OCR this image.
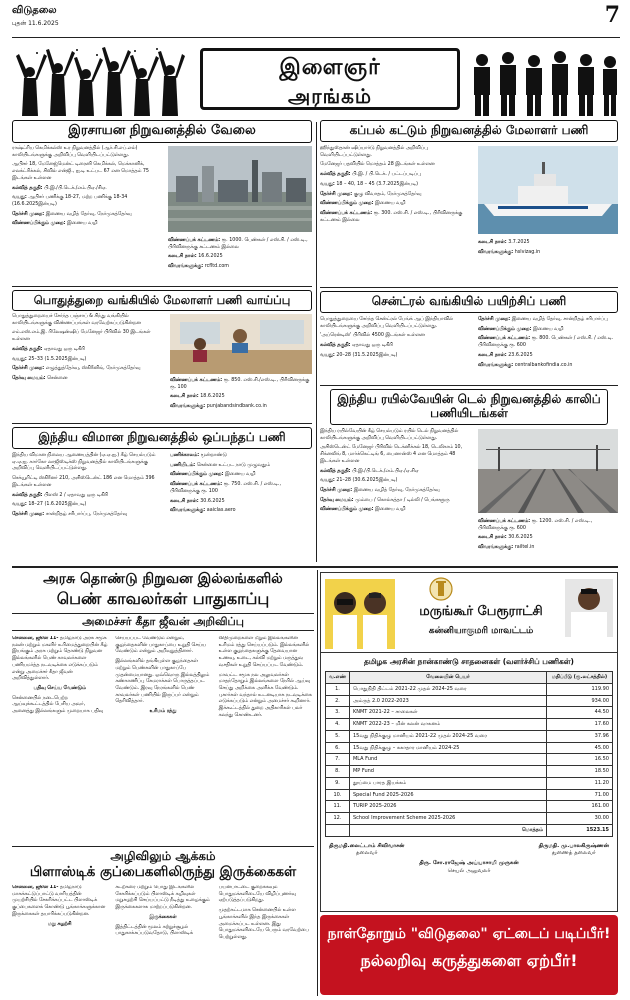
விடுதலை
புதன் 11.6.2025	7
இளைஞர்
அரங்கம்
இரசாயன நிறுவனத்தில் வேலை

ராஷ்ட்ரிய கெமிக்கல்ஸ் உர நிறுவனத்தில் (ஆர்.சி.எப்.எல்) காலியிடங்களுக்கு அறிவிப்பு வெளியிடப்பட்டுள்ளது.

ஆபிசர் 18, மேனேஜ்மென்ட் டிரைனி கெமிக்கல், மெக்கானிக், எலக்ட்ரிக்கல், சிவில் என்ஜி., ஐ.டி உட்பட 67 என மொத்தம் 75 இடங்கள் உள்ளன

கல்வித் தகுதி: பி.இ./பி.டெக்./எம்.பிஏ./சிஏ.

வயது: ஆபிசர் பணிக்கு 18-27, மற்ற பணிக்கு 18-34 (16.6.2025இன்படி)

தேர்ச்சி முறை: இணைய வழித் தேர்வு, நேர்முகத்தேர்வு

விண்ணப்பிக்கும் முறை: இணைய வழி

விண்ணப்பக் கட்டணம்: ரூ. 1000. பெண்கள் / எஸ்.சி. / எஸ்.டி., பிரிவினருக்கு கட்டணம் இல்லை

கடைசி நாள்: 16.6.2025

விவரங்களுக்கு: rcfltd.com

கப்பல் கட்டும் நிறுவனத்தில் மேலாளர் பணி

ஹிந்துஸ்தான் ஷிப்யார்டு நிறுவனத்தில் அறிவிப்பு வெளியிடப்பட்டுள்ளது.

மேனேஜர் பதவியில் மொத்தம் 28 இடங்கள் உள்ளன

கல்வித் தகுதி: பி.இ. / பி.டெக். / பட்டப்படிப்பு

வயது: 18 – 40, 18 – 45 (3.7.2025இன்படி)

தேர்ச்சி முறை: குழு விவாதம், நேர்முகத்தேர்வு

விண்ணப்பிக்கும் முறை: இணைய வழி

விண்ணப்பக் கட்டணம்: ரூ. 300. எஸ்.சி. / எஸ்.டி., பிரிவினருக்கு கட்டணம் இல்லை

கடைசி நாள்: 3.7.2025

விவரங்களுக்கு: hslvizag.in

சென்ட்ரல் வங்கியில் பயிற்சிப் பணி

பொதுத்துறையை சேர்ந்த சென்ட்ரல் பேங்க் ஆப் இந்தியாவில் காலியிடங்களுக்கு அறிவிப்பு வெளியிடப்பட்டுள்ளது.

'அப்ரென்டிஸ்' பிரிவில் 4500 இடங்கள் உள்ளன

கல்வித் தகுதி: ஏதாவது ஒரு டிகிரி

வயது: 20–28 (31.5.2025இன்படி)

தேர்ச்சி முறை: இணைய வழித் தேர்வு, சான்றிதழ் சரிபார்ப்பு

விண்ணப்பிக்கும் முறை: இணைய வழி

விண்ணப்பக் கட்டணம்: ரூ. 800. பெண்கள் / எஸ்.சி. / எஸ்.டி. பிரிவினருக்கு ரூ. 600

கடைசி நாள்: 23.6.2025

விவரங்களுக்கு: centralbankofindia.co.in

பொதுத்துறை வங்கியில் மேலாளர் பணி வாய்ப்பு

பொதுத்துறையைச் சேர்ந்த பஞ்சாப் & சிந்து வங்கியில் காலியிடங்களுக்கு விண்ணப்பங்கள் வரவேற்கப்படுகின்றன

எம்.எஸ்.எம்.இ. ரிலேஷன்ஷிப் மேனேஜர் பிரிவில் 30 இடங்கள் உள்ளன

கல்வித் தகுதி: ஏதாவது ஒரு டிகிரி

வயது: 25–33 (1.5.2025இன்படி)

தேர்ச்சி முறை: எழுத்துத்தேர்வு, ஸ்கிரீனிங், நேர்முகத்தேர்வு

தேர்வு மையம்: சென்னை	விண்ணப்பக் கட்டணம்: ரூ. 850. எஸ்.சி./எஸ்.டி., பிரிவினருக்கு ரூ. 100

கடைசி நாள்: 18.6.2025

விவரங்களுக்கு: punjabandsindbank.co.in

இந்திய ரயில்வேயின் டெல் நிறுவனத்தில் காலிப் பணியிடங்கள்

இந்திய ரயில்வேயின் கீழ் செயல்படும் ரயில் டெல் நிறுவனத்தில் காலியிடங்களுக்கு அறிவிப்பு வெளியிடப்பட்டுள்ளது.

அசிஸ்டென்ட் மேனேஜர் பிரிவில் டெக்னிக்கல் 18, டெலிகாம் 10, சிக்னலிங் 8, மார்க்கெட்டிங் 6, பைனான்ஸ் 4 என மொத்தம் 48 இடங்கள் உள்ளன

கல்வித் தகுதி: பி.இ./பி.டெக்./எம்.பிஏ./ஏ.சிஏ

வயது: 21–28 (30.6.2025இன்படி)

தேர்ச்சி முறை: இணைய வழித் தேர்வு, நேர்முகத்தேர்வு

தேர்வு மையம்: மும்பை / கொல்கத்தா / டில்லி / பெங்களூரு

விண்ணப்பிக்கும் முறை: இணைய வழி

விண்ணப்பக் கட்டணம்: ரூ. 1200. எஸ்.சி. / எஸ்.டி., பிரிவினருக்கு ரூ. 600

கடைசி நாள்: 30.6.2025

விவரங்களுக்கு: railtel.in

இந்திய விமான நிறுவனத்தில் ஒப்பந்தப் பணி

இந்திய விமான நிலைய ஆணையத்தின் (ஏ.ஏ.ஐ.) கீழ் செயல்படும் ஏ.ஏ.ஐ. கார்கோ லாஜிஸ்டிக்ஸ் நிறுவனத்தில் காலியிடங்களுக்கு அறிவிப்பு வெளியிடப்பட்டுள்ளது.

செக்யூரிட்டி ஸ்கிரீனர் 210, அசிஸ்டென்ட் 186 என மொத்தம் 396 இடங்கள் உள்ளன

கல்வித் தகுதி: பிளஸ் 2 / ஏதாவது ஒரு டிகிரி

வயது: 18–27 (1.6.2025இன்படி)

தேர்ச்சி முறை: சான்றிதழ் சரிபார்ப்பு, நேர்முகத்தேர்வு

பணிக்காலம்: மூன்றாண்டு

பணியிடம்: சென்னை உட்பட நாடு முழுவதும்

விண்ணப்பிக்கும் முறை: இணைய வழி

விண்ணப்பக் கட்டணம்: ரூ. 750. எஸ்.சி. / எஸ்.டி., பிரிவினருக்கு ரூ. 100

கடைசி நாள்: 30.6.2025

விவரங்களுக்கு: aaiclas.aero

அரசு தொண்டு நிறுவன இல்லங்களில்
பெண் காவலர்கள் பாதுகாப்பு
அமைச்சர் கீதா ஜீவன் அறிவிப்பு

சென்னை, ஜூன் 11- தமிழ்நாடு அரசு சமூக நலன் மற்றும் மகளிர் உரிமைத்துறையின் கீழ் இயங்கும் அரசு மற்றும் தொண்டு நிறுவன இல்லங்களில் பெண் காவலர்களை பணியமர்த்த நடவடிக்கை எடுக்கப்படும் என்று அமைச்சர் கீதா ஜீவன் அறிவித்துள்ளார்.

பதிவு செய்ய வேண்டும்

சென்னையில் நடைபெற்ற ஆய்வுக்கூட்டத்தில் பேசிய அவர், அனைத்து இல்லங்களும் முறையாக பதிவு செய்யப்பட வேண்டும் என்றும், குழந்தைகளின் பாதுகாப்பை உறுதி செய்ய வேண்டும் என்றும் அறிவுறுத்தினார்.

இல்லங்களில் தங்கியுள்ள குழந்தைகள் மற்றும் பெண்களின் பாதுகாப்பே முதன்மையானது. ஒவ்வொரு இல்லத்திலும் கண்காணிப்பு கேமராக்கள் பொருத்தப்பட வேண்டும். இரவு நேரங்களில் பெண் காவலர்கள் பணியில் இருப்பர் என்றும் தெரிவித்தார்.

உரிமம் ரத்து

விதிமுறைகளை மீறும் இல்லங்களின் உரிமம் ரத்து செய்யப்படும். இல்லங்களில் உள்ள குழந்தைகளுக்கு தேவையான உணவு, உடை, கல்வி மற்றும் மருத்துவ வசதிகள் உறுதி செய்யப்பட வேண்டும்.

மாவட்ட சமூக நல அலுவலர்கள் மாதந்தோறும் இல்லங்களை நேரில் ஆய்வு செய்து அறிக்கை அளிக்க வேண்டும். புகார்கள் வந்தால் உடனடியாக நடவடிக்கை எடுக்கப்படும் என்றும் அமைச்சர் கூறினார். இக்கூட்டத்தில் துறை அதிகாரிகள் பலர் கலந்து கொண்டனர்.

அழிவிலும் ஆக்கம்
பிளாஸ்டிக் குப்பைகளிலிருந்து இருக்கைகள்

சென்னை, ஜூன் 11- தமிழ்நாடு மாசுக்கட்டுப்பாட்டு வாரியத்தின் முயற்சியில் சேகரிக்கப்பட்ட பிளாஸ்டிக் குப்பைகளைக் கொண்டு பூங்காக்களுக்கான இருக்கைகள் தயாரிக்கப்படுகின்றன.

மறு சுழற்சி

கடற்கரை மற்றும் பொது இடங்களில் சேகரிக்கப்படும் பிளாஸ்டிக் கழிவுகள் மறுசுழற்சி செய்யப்பட்டு நீடித்து உழைக்கும் இருக்கைகளாக மாற்றப்படுகின்றன.

இருக்கைகள்

இத்திட்டத்தின் மூலம் சுற்றுச்சூழல் பாதுகாக்கப்படுவதோடு, பிளாஸ்டிக் பயன்பாட்டை குறைக்கவும் பொதுமக்களிடையே விழிப்புணர்வு ஏற்படுத்தப்படுகிறது.

முதற்கட்டமாக சென்னையில் உள்ள பூங்காக்களில் இந்த இருக்கைகள் அமைக்கப்பட உள்ளன. இது பொதுமக்களிடையே பெரும் வரவேற்பை பெற்றுள்ளது.

மருங்கூர் பேரூராட்சி
கன்னியாகுமரி மாவட்டம்
தமிழக அரசின் நான்காண்டு சாதனைகள் (வளர்ச்சிப் பணிகள்)
வ.எண்	வேலையின் பெயர்	மதிப்பீடு (ரூ.லட்சத்தில்)
1.	பொதுநிதி திட்டம் 2021-22 முதல் 2024-25 வரை	119.90
2.	அம்ருத் 2.0 2022-2023	934.00
3.	KNMT 2021-22 – சாலைகள்	44.50
4.	KNMT 2022-23 – மின் கலன் வாகனம்	17.60
5.	15வது நிதிக்குழு மானியம் 2021-22 முதல் 2024-25 வரை	37.96
6.	15வது நிதிக்குழு – சுகாதார மானியம் 2024-25	45.00
7.	MLA Fund	16.50
8.	MP Fund	18.50
9.	தூய்மை பாரத இயக்கம்	11.20
10.	Special Fund 2025-2026	71.00
11.	TURIP 2025-2026	161.00
12.	School Improvement Scheme 2025-2026	30.00
	மொத்தம்	1523.15
திருமதி.லைட்டாம் சிவிவாசன்
தலைவர்
திருமதி. மு.பாலகிருஷ்ணன்
துணைத் தலைவர்
திரு. சோ.ராஜேஷ் அய்யாசாமி முருகன்
செயல் அலுவலர்
நாள்தோறும் "விடுதலை" ஏட்டைப் படிப்பீர்!
நல்லறிவு கருத்துகளை ஏற்பீர்!
